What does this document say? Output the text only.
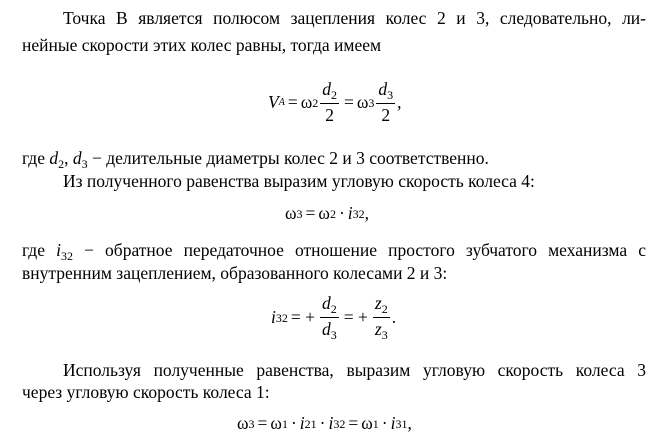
Точка B является полюсом зацепления колес 2 и 3, следовательно, ли-
нейные скорости этих колес равны, тогда имеем
V A = ω $2 \frac{d_2}{2} = \omega$ $3 \frac{d_3}{2}$ ,
где $d_2$, $d_3$ − делительные диаметры колес 2 и 3 соответственно.
Из полученного равенства выразим угловую скорость колеса 4:
ω 3 = ω 2 · i 32 ,
где $i_{32}$ − обратное передаточное отношение простого зубчатого механизма с
внутренним зацеплением, образованного колесами 2 и 3:
i 32 = + $\frac{d_2}{d_3}$ = + $\frac{z_2}{z_3}$ .
Используя полученные равенства, выразим угловую скорость колеса 3
через угловую скорость колеса 1:
ω 3 = ω 1 · i 21 · i 32 = ω 1 · i 31 ,
